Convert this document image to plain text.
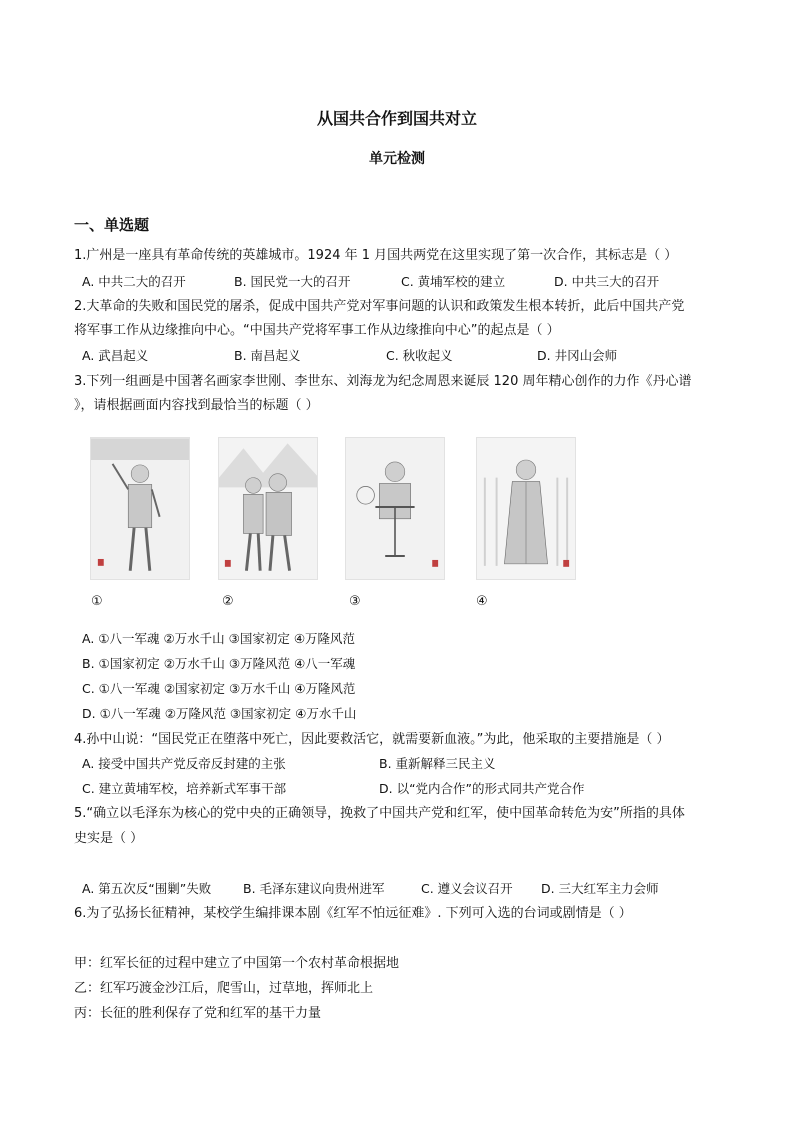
从国共合作到国共对立
单元检测
一、单选题
1.广州是一座具有革命传统的英雄城市。1924 年 1 月国共两党在这里实现了第一次合作，其标志是（ ）
A. 中共二大的召开	B. 国民党一大的召开	C. 黄埔军校的建立	D. 中共三大的召开
2.大革命的失败和国民党的屠杀，促成中国共产党对军事问题的认识和政策发生根本转折，此后中国共产党
将军事工作从边缘推向中心。“中国共产党将军事工作从边缘推向中心”的起点是（ ）
A. 武昌起义	B. 南昌起义	C. 秋收起义	D. 井冈山会师
3.下列一组画是中国著名画家李世刚、李世东、刘海龙为纪念周恩来诞辰 120 周年精心创作的力作《丹心谱
》，请根据画面内容找到最恰当的标题（ ）
①	②	③	④
A. ①八一军魂 ②万水千山 ③国家初定 ④万隆风范
B. ①国家初定 ②万水千山 ③万隆风范 ④八一军魂
C. ①八一军魂 ②国家初定 ③万水千山 ④万隆风范
D. ①八一军魂 ②万隆风范 ③国家初定 ④万水千山
4.孙中山说：“国民党正在堕落中死亡，因此要救活它，就需要新血液。”为此，他采取的主要措施是（ ）
A. 接受中国共产党反帝反封建的主张	B. 重新解释三民主义
C. 建立黄埔军校，培养新式军事干部	D. 以“党内合作”的形式同共产党合作
5.“确立以毛泽东为核心的党中央的正确领导，挽救了中国共产党和红军，使中国革命转危为安”所指的具体
史实是（ ）
A. 第五次反“围剿”失败	B. 毛泽东建议向贵州进军	C. 遵义会议召开 D. 三大红军主力会师
6.为了弘扬长征精神，某校学生编排课本剧《红军不怕远征难》. 下列可入选的台词或剧情是（ ）
甲：红军长征的过程中建立了中国第一个农村革命根据地
乙：红军巧渡金沙江后，爬雪山，过草地，挥师北上
丙：长征的胜利保存了党和红军的基干力量
